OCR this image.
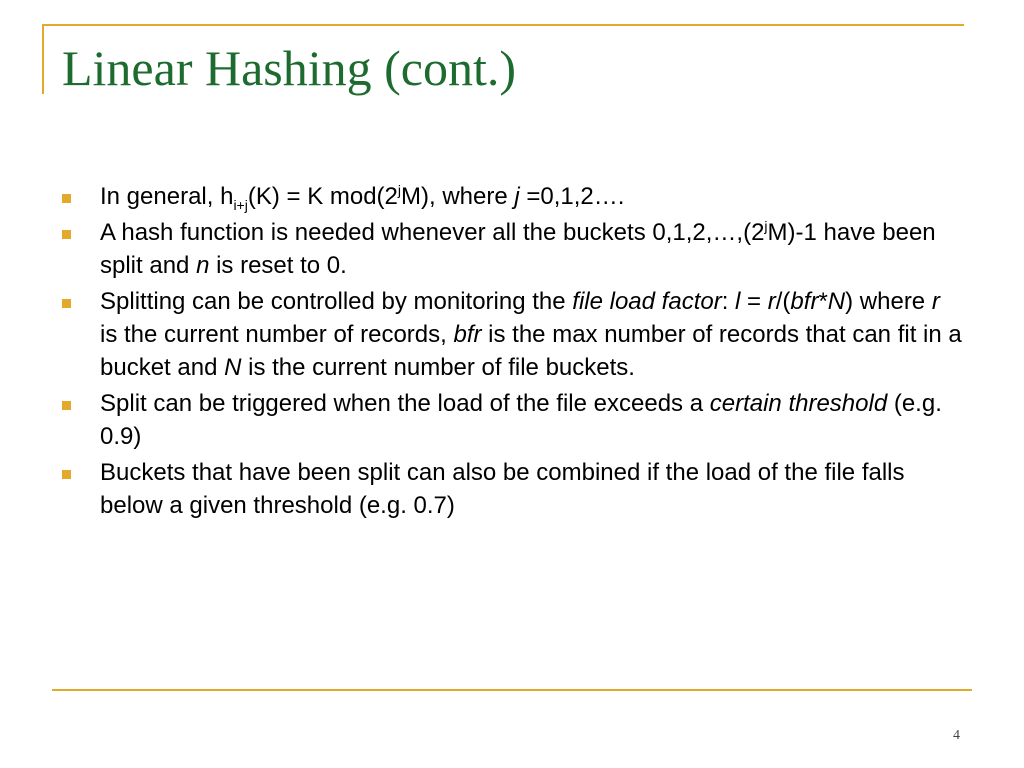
Linear Hashing (cont.)
In general, $h_{i+j}(K) = K$ mod(2$^j$M), where j =0,1,2….
A hash function is needed whenever all the buckets 0,1,2,…,(2$^j$M)-1 have been split and n is reset to 0.
Splitting can be controlled by monitoring the file load factor: l = r/(bfr*N) where r is the current number of records, bfr is the max number of records that can fit in a bucket and N is the current number of file buckets.
Split can be triggered when the load of the file exceeds a certain threshold (e.g. 0.9)
Buckets that have been split can also be combined if the load of the file falls below a given threshold (e.g. 0.7)
4
